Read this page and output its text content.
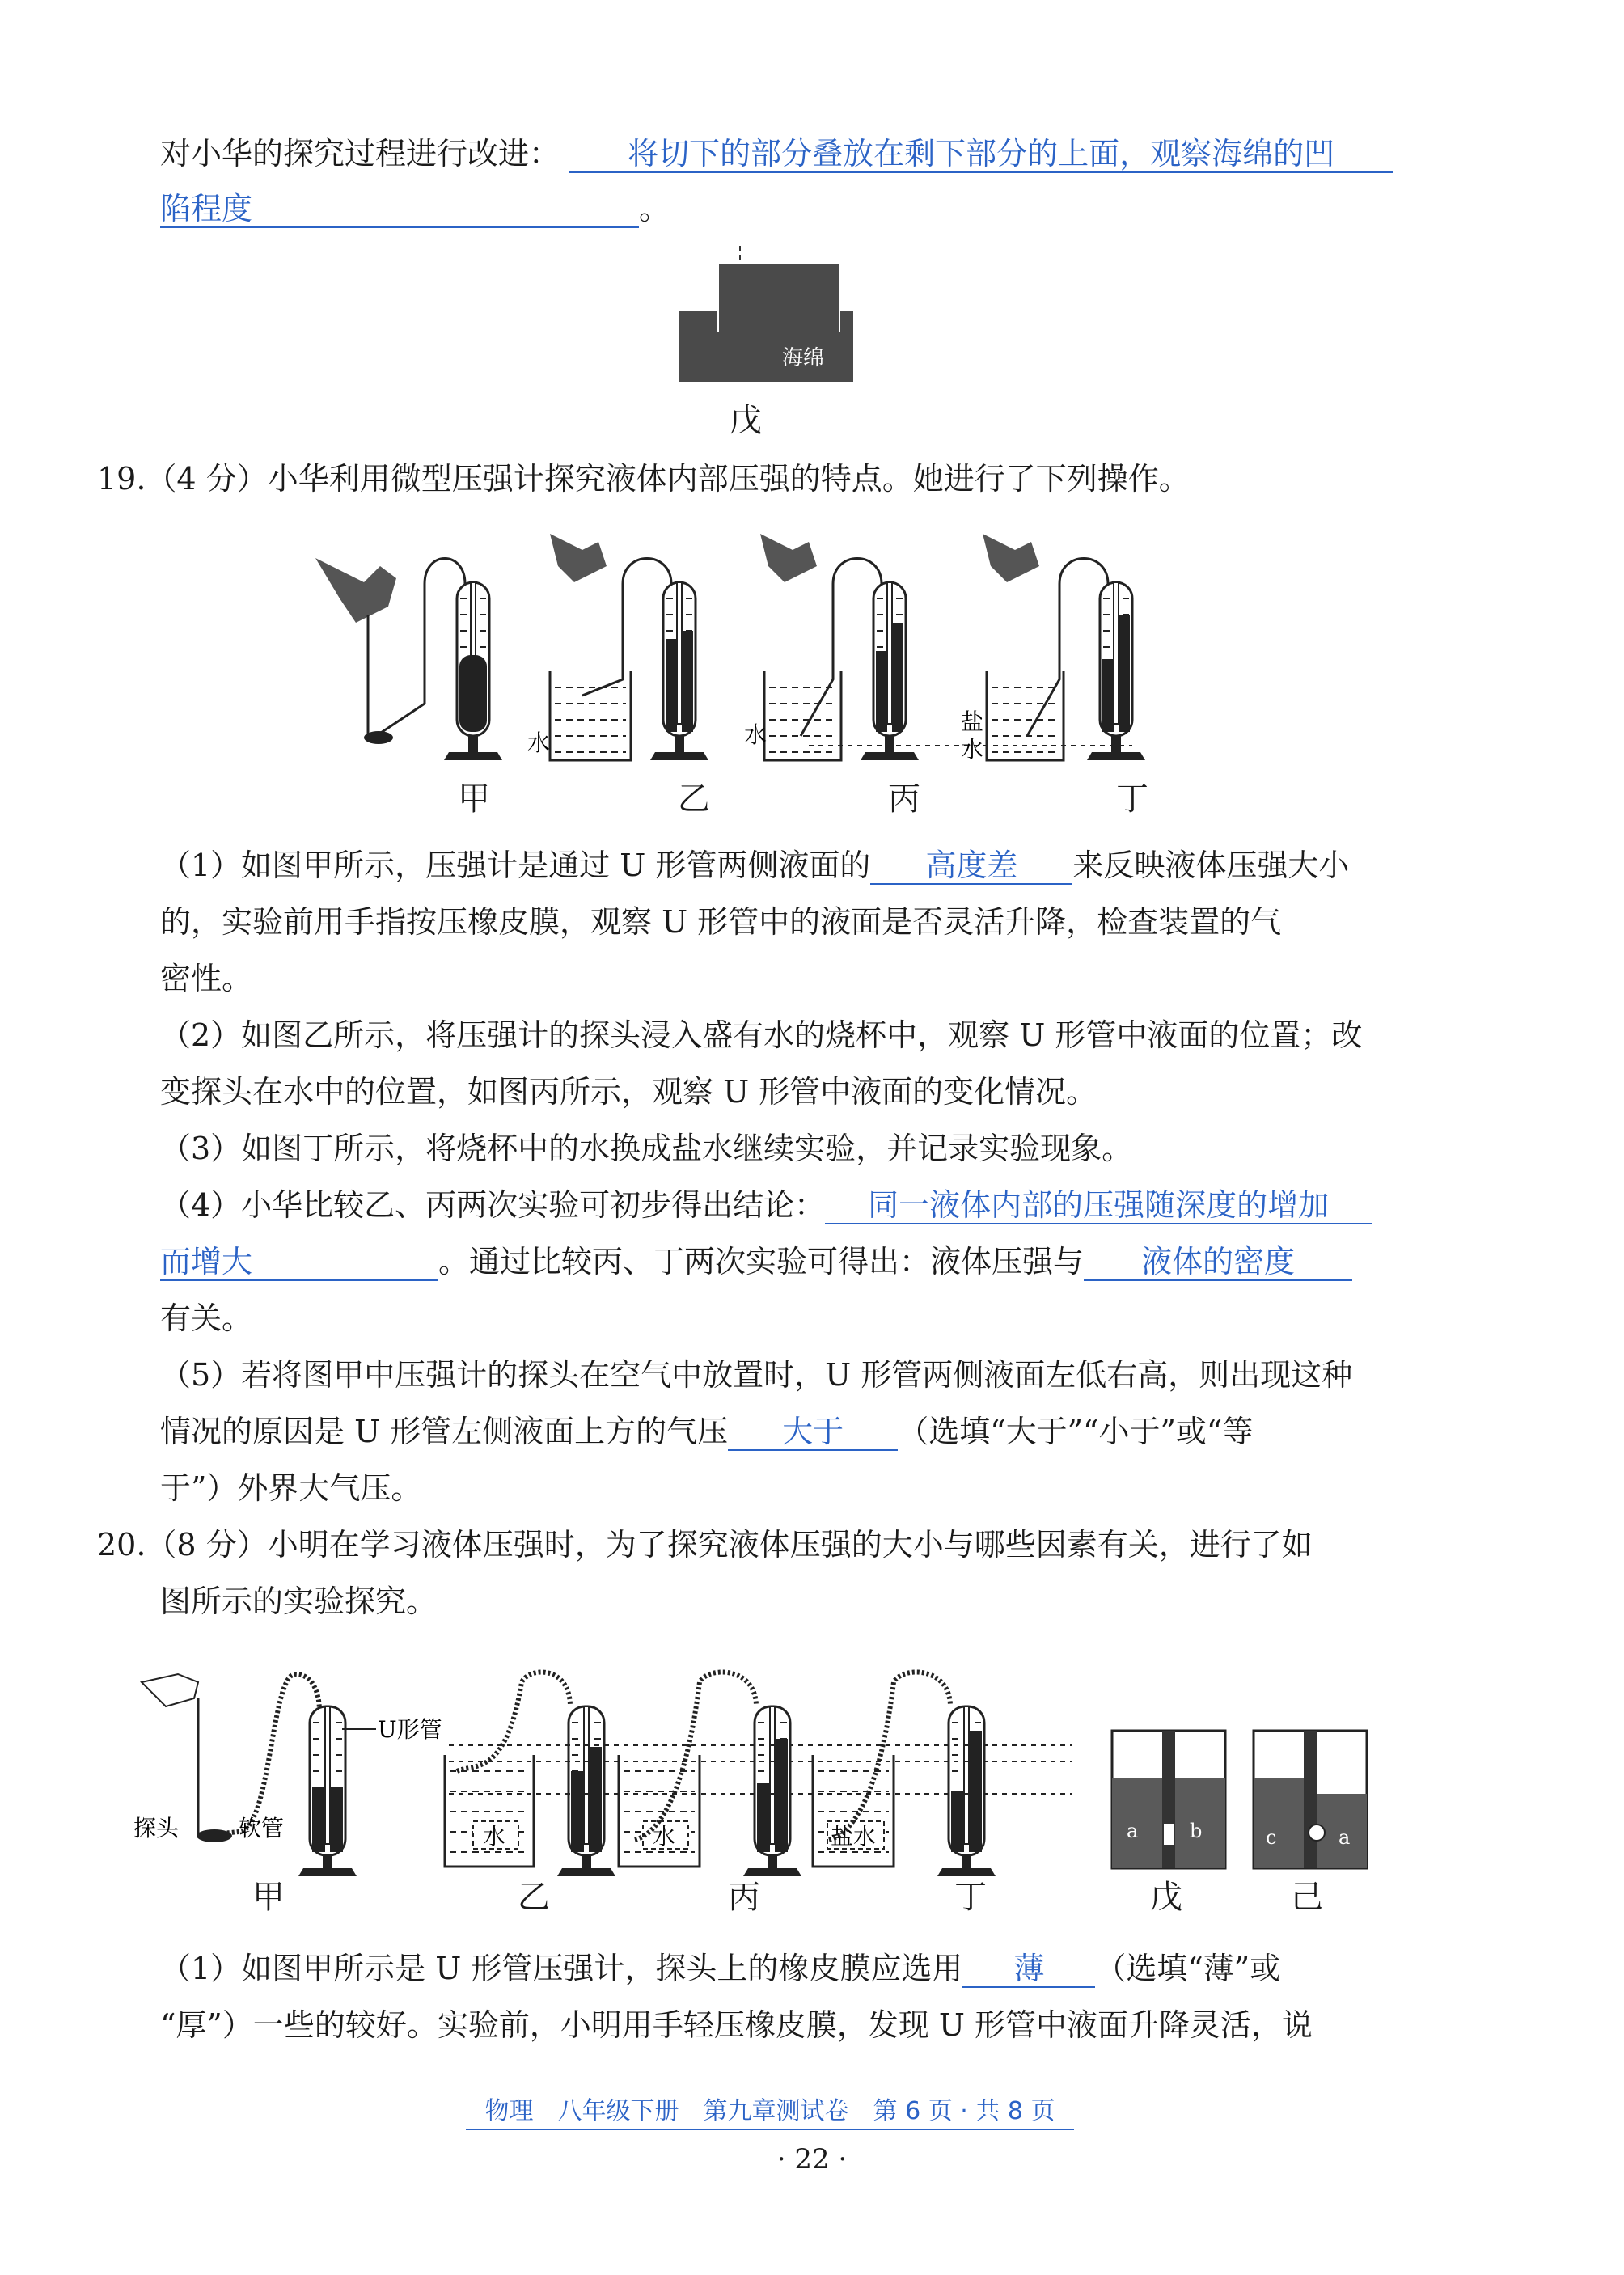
对小华的探究过程进行改进： 将切下的部分叠放在剩下部分的上面，观察海绵的凹
陷程度	。
海绵
戊
19.（4 分）小华利用微型压强计探究液体内部压强的特点。她进行了下列操作。
水	水	盐
水
甲	乙	丙	丁
（1）如图甲所示，压强计是通过 U 形管两侧液面的 高度差 来反映液体压强大小
的，实验前用手指按压橡皮膜，观察 U 形管中的液面是否灵活升降，检查装置的气
密性。
（2）如图乙所示，将压强计的探头浸入盛有水的烧杯中，观察 U 形管中液面的位置；改
变探头在水中的位置，如图丙所示，观察 U 形管中液面的变化情况。
（3）如图丁所示，将烧杯中的水换成盐水继续实验，并记录实验现象。
（4）小华比较乙、丙两次实验可初步得出结论： 同一液体内部的压强随深度的增加
而增大	。通过比较丙、丁两次实验可得出：液体压强与 液体的密度
有关。
（5）若将图甲中压强计的探头在空气中放置时，U 形管两侧液面左低右高，则出现这种
情况的原因是 U 形管左侧液面上方的气压 大于 （选填“大于”“小于”或“等
于”）外界大气压。
20.（8 分）小明在学习液体压强时，为了探究液体压强的大小与哪些因素有关，进行了如
图所示的实验探究。
U形管
探头	软管	水	水	盐水	a	b	c	a
甲	乙	丙	丁	戊	己
（1）如图甲所示是 U 形管压强计，探头上的橡皮膜应选用 薄 （选填“薄”或
“厚”）一些的较好。实验前，小明用手轻压橡皮膜，发现 U 形管中液面升降灵活，说
物理　八年级下册　第九章测试卷　第 6 页 · 共 8 页
· 22 ·
